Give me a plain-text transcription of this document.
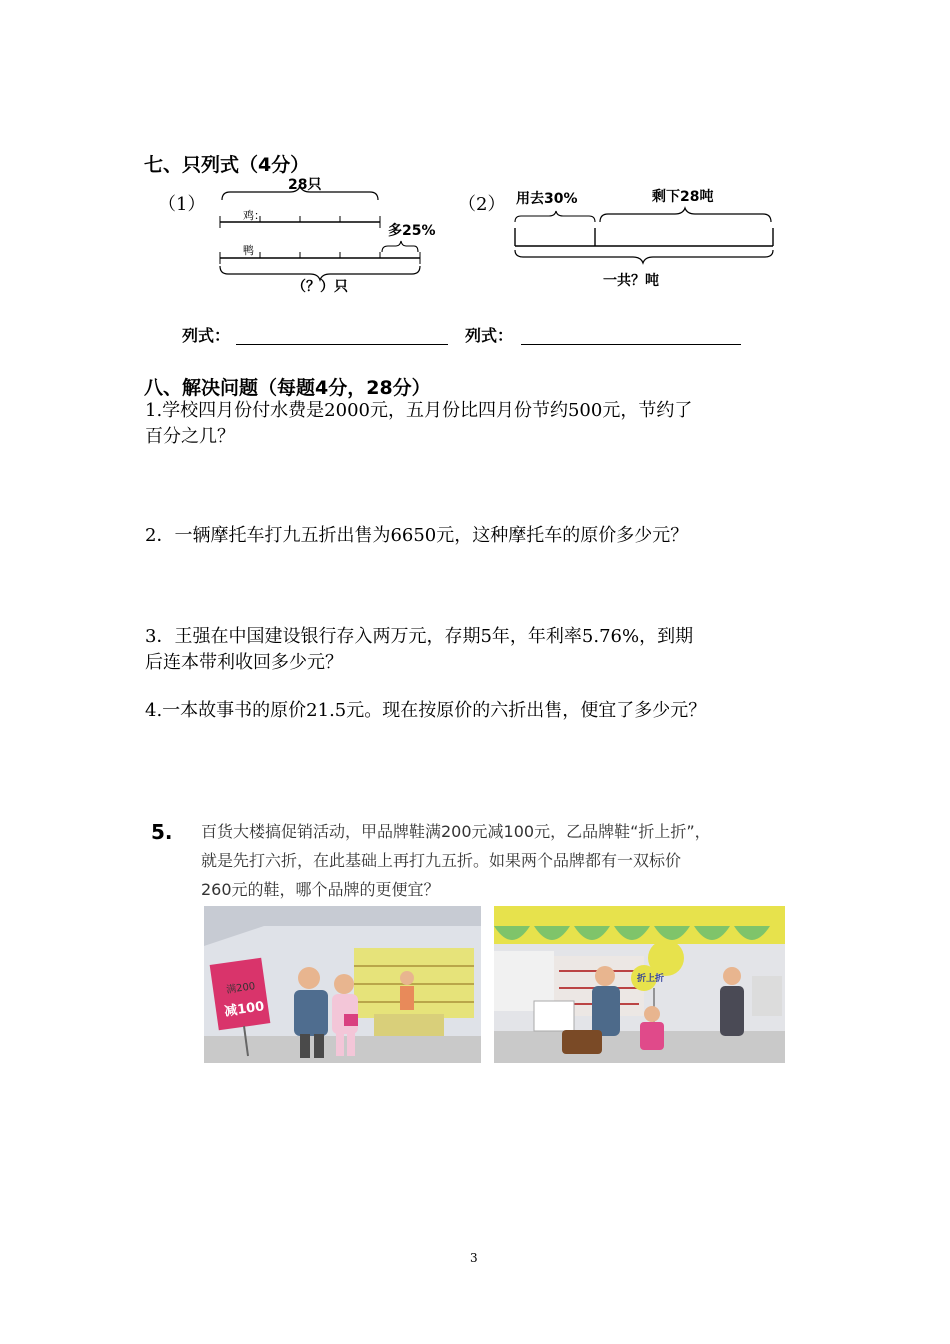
七、只列式（4分）
（1）
28只
鸡：
鸭
多25%
（？）只
（2） 用去30%	剩下28吨
一共？吨
列式：	列式：
八、解决问题（每题4分，28分）
1.学校四月份付水费是2000元，五月份比四月份节约500元，节约了
百分之几？
2．一辆摩托车打九五折出售为6650元，这种摩托车的原价多少元？
3．王强在中国建设银行存入两万元，存期5年，年利率5.76%，到期
后连本带利收回多少元？
4.一本故事书的原价21.5元。现在按原价的六折出售，便宜了多少元？
5. 百货大楼搞促销活动，甲品牌鞋满200元减100元，乙品牌鞋“折上折”，
就是先打六折，在此基础上再打九五折。如果两个品牌都有一双标价
260元的鞋，哪个品牌的更便宜？
满200
减100
折上折
3
